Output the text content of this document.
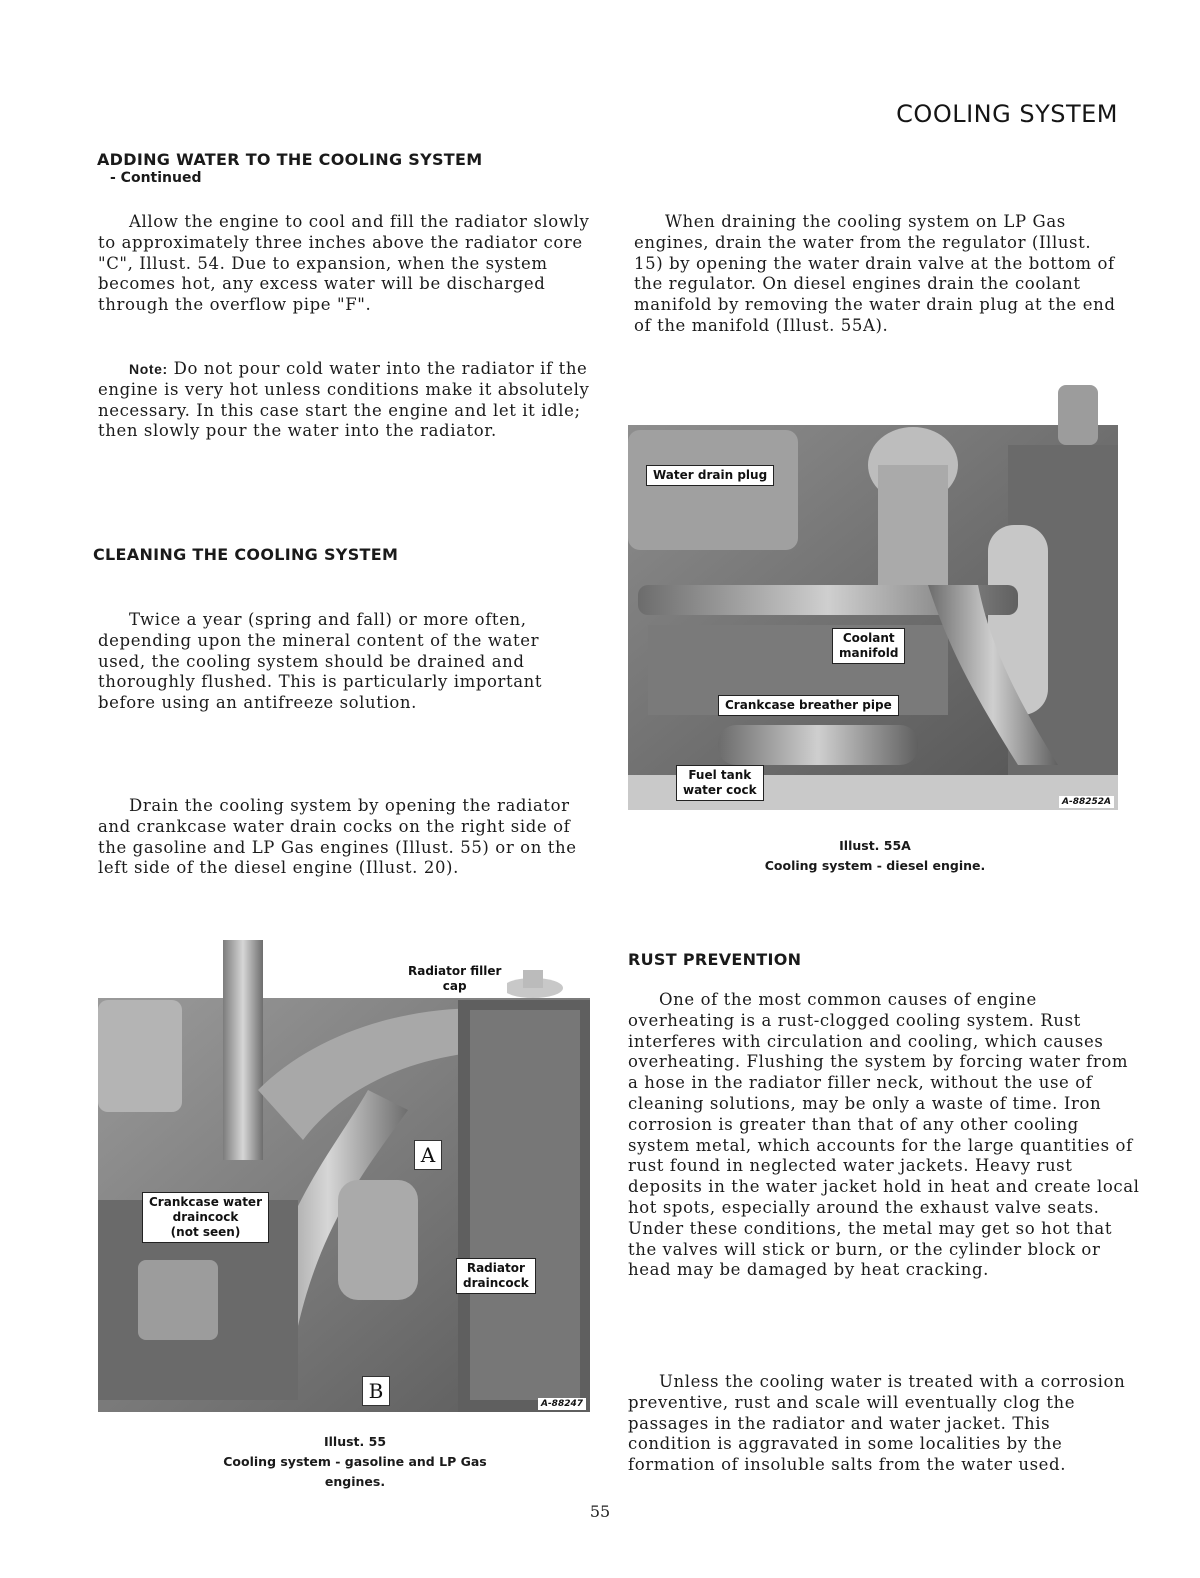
COOLING SYSTEM
ADDING WATER TO THE COOLING SYSTEM
- Continued

Allow the engine to cool and fill the radiator slowly to approximately three inches above the radiator core "C", Illust. 54. Due to expansion, when the system becomes hot, any excess water will be discharged through the overflow pipe "F".

Note: Do not pour cold water into the radiator if the engine is very hot unless conditions make it absolutely necessary. In this case start the engine and let it idle; then slowly pour the water into the radiator.

CLEANING THE COOLING SYSTEM

Twice a year (spring and fall) or more often, depending upon the mineral content of the water used, the cooling system should be drained and thoroughly flushed. This is particularly important before using an antifreeze solution.

Drain the cooling system by opening the radiator and crankcase water drain cocks on the right side of the gasoline and LP Gas engines (Illust. 55) or on the left side of the diesel engine (Illust. 20).

Radiator filler
cap
Crankcase water
draincock
(not seen)
Radiator
draincock
A
B
A-88247
Illust. 55
Cooling system - gasoline and LP Gas
engines.

When draining the cooling system on LP Gas engines, drain the water from the regulator (Illust. 15) by opening the water drain valve at the bottom of the regulator. On diesel engines drain the coolant manifold by removing the water drain plug at the end of the manifold (Illust. 55A).

Water drain plug
Coolant
manifold
Crankcase breather pipe
Fuel tank
water cock
A-88252A
Illust. 55A
Cooling system - diesel engine.
RUST PREVENTION

One of the most common causes of engine overheating is a rust-clogged cooling system. Rust interferes with circulation and cooling, which causes overheating. Flushing the system by forcing water from a hose in the radiator filler neck, without the use of cleaning solutions, may be only a waste of time. Iron corrosion is greater than that of any other cooling system metal, which accounts for the large quantities of rust found in neglected water jackets. Heavy rust deposits in the water jacket hold in heat and create local hot spots, especially around the exhaust valve seats. Under these conditions, the metal may get so hot that the valves will stick or burn, or the cylinder block or head may be damaged by heat cracking.

Unless the cooling water is treated with a corrosion preventive, rust and scale will eventually clog the passages in the radiator and water jacket. This condition is aggravated in some localities by the formation of insoluble salts from the water used.

55
